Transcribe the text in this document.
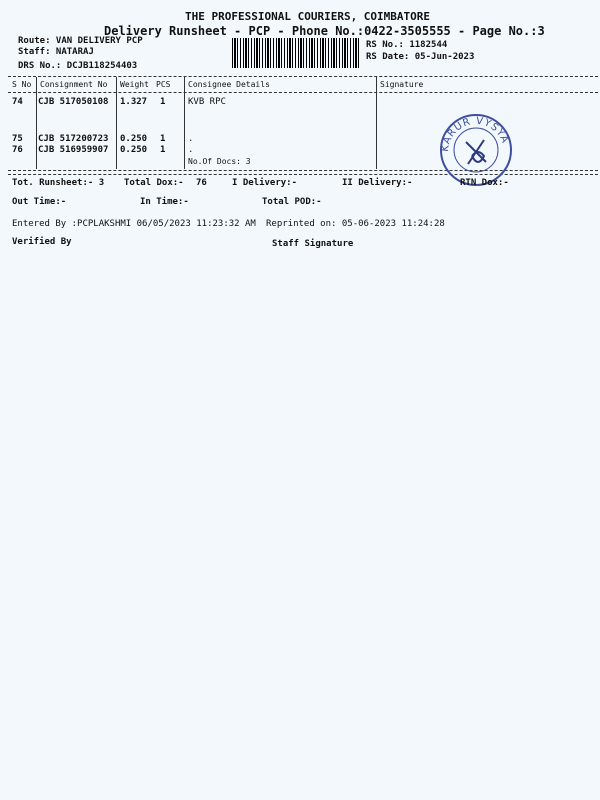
THE PROFESSIONAL COURIERS, COIMBATORE
Delivery Runsheet - PCP - Phone No.:0422-3505555 - Page No.:3
Route: VAN DELIVERY PCP
Staff: NATARAJ
DRS No.: DCJB118254403
RS No.: 1182544
RS Date: 05-Jun-2023
S No Consignment No Weight PCS Consignee Details	Signature
74 CJB 517050108 1.327 1	KVB RPC
75 CJB 517200723 0.250 1	.
76 CJB 516959907 0.250 1	.
No.Of Docs: 3
KARUR VYSYA
Tot. Runsheet:- 3 Total Dox:- 76	I Delivery:-	II Delivery:-	RTN Dox:-
Out Time:-	In Time:-	Total POD:-
Entered By :PCPLAKSHMI 06/05/2023 11:23:32 AM Reprinted on: 05-06-2023 11:24:28
Verified By	Staff Signature
